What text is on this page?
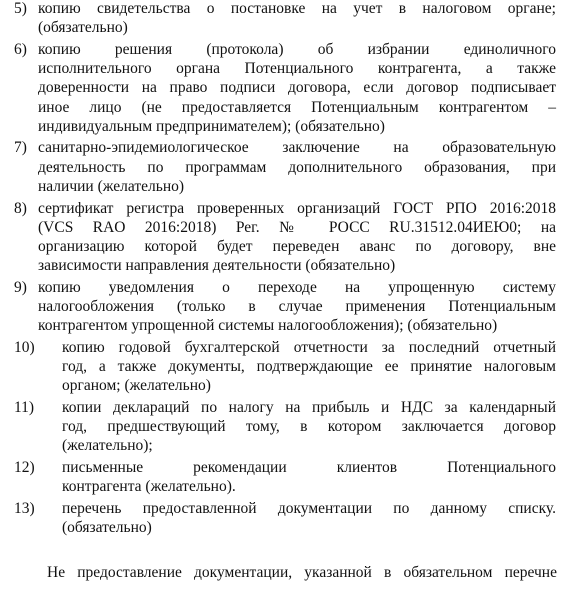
5) копию свидетельства о постановке на учет в налоговом органе;
(обязательно)
6) копию решения (протокола) об избрании единоличного
исполнительного органа Потенциального контрагента, а также
доверенности на право подписи договора, если договор подписывает
иное лицо (не предоставляется Потенциальным контрагентом –
индивидуальным предпринимателем); (обязательно)
7) санитарно-эпидемиологическое заключение на образовательную
деятельность по программам дополнительного образования, при
наличии (желательно)
8) сертификат регистра проверенных организаций ГОСТ РПО 2016:2018
(VCS RAO 2016:2018) Рег. № РОСС RU.31512.04ИЕЮ0; на
организацию которой будет переведен аванс по договору, вне
зависимости направления деятельности (обязательно)
9) копию уведомления о переходе на упрощенную систему
налогообложения (только в случае применения Потенциальным
контрагентом упрощенной системы налогообложения); (обязательно)
10)	копию годовой бухгалтерской отчетности за последний отчетный
год, а также документы, подтверждающие ее принятие налоговым
органом; (желательно)
11)	копии деклараций по налогу на прибыль и НДС за календарный
год, предшествующий тому, в котором заключается договор
(желательно);
12)	письменные рекомендации клиентов Потенциального
контрагента (желательно).
13)	перечень предоставленной документации по данному списку.
(обязательно)
Не предоставление документации, указанной в обязательном перечне
